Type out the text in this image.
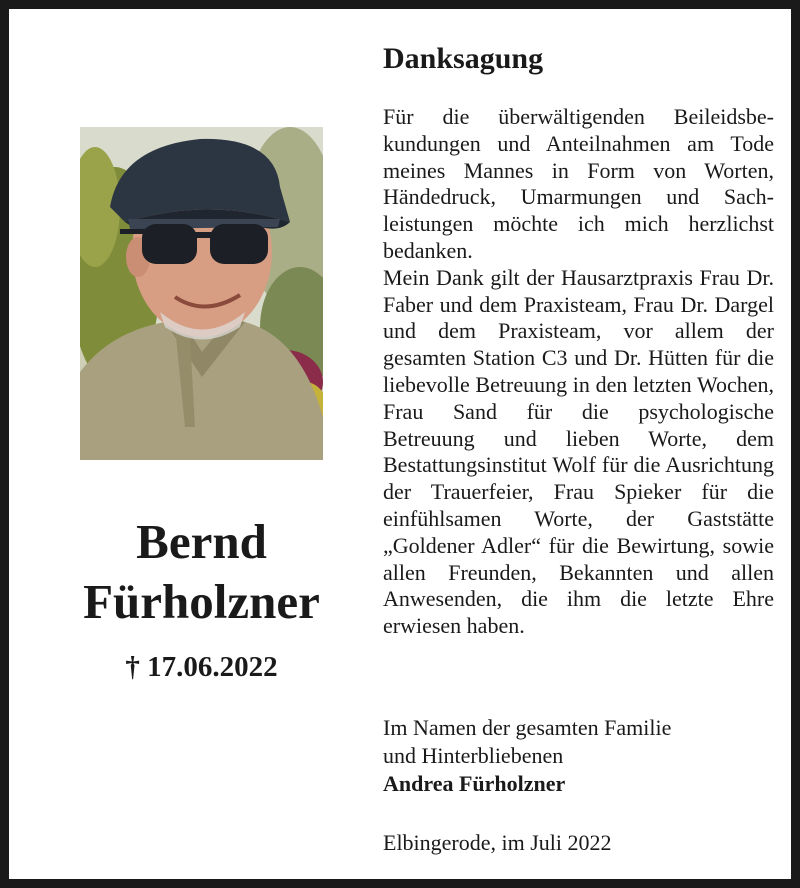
Bernd
Fürholzner
† 17.06.2022
Danksagung

Für die überwältigenden Beileidsbekundungen und Anteilnahmen am Tode meines Mannes in Form von Worten, Händedruck, Umarmungen und Sachleistungen möchte ich mich herzlichst bedanken.

Mein Dank gilt der Hausarztpraxis Frau Dr. Faber und dem Praxisteam, Frau Dr. Dargel und dem Praxisteam, vor allem der gesamten Station C3 und Dr. Hütten für die liebevolle Betreuung in den letzten Wochen, Frau Sand für die psychologische Betreuung und lieben Worte, dem Bestattungsinstitut Wolf für die Ausrichtung der Trauerfeier, Frau Spieker für die einfühlsamen Worte, der Gaststätte „Goldener Adler“ für die Bewirtung, sowie allen Freunden, Bekannten und allen Anwesenden, die ihm die letzte Ehre erwiesen haben.

Im Namen der gesamten Familie
und Hinterbliebenen
Andrea Fürholzner
Elbingerode, im Juli 2022
